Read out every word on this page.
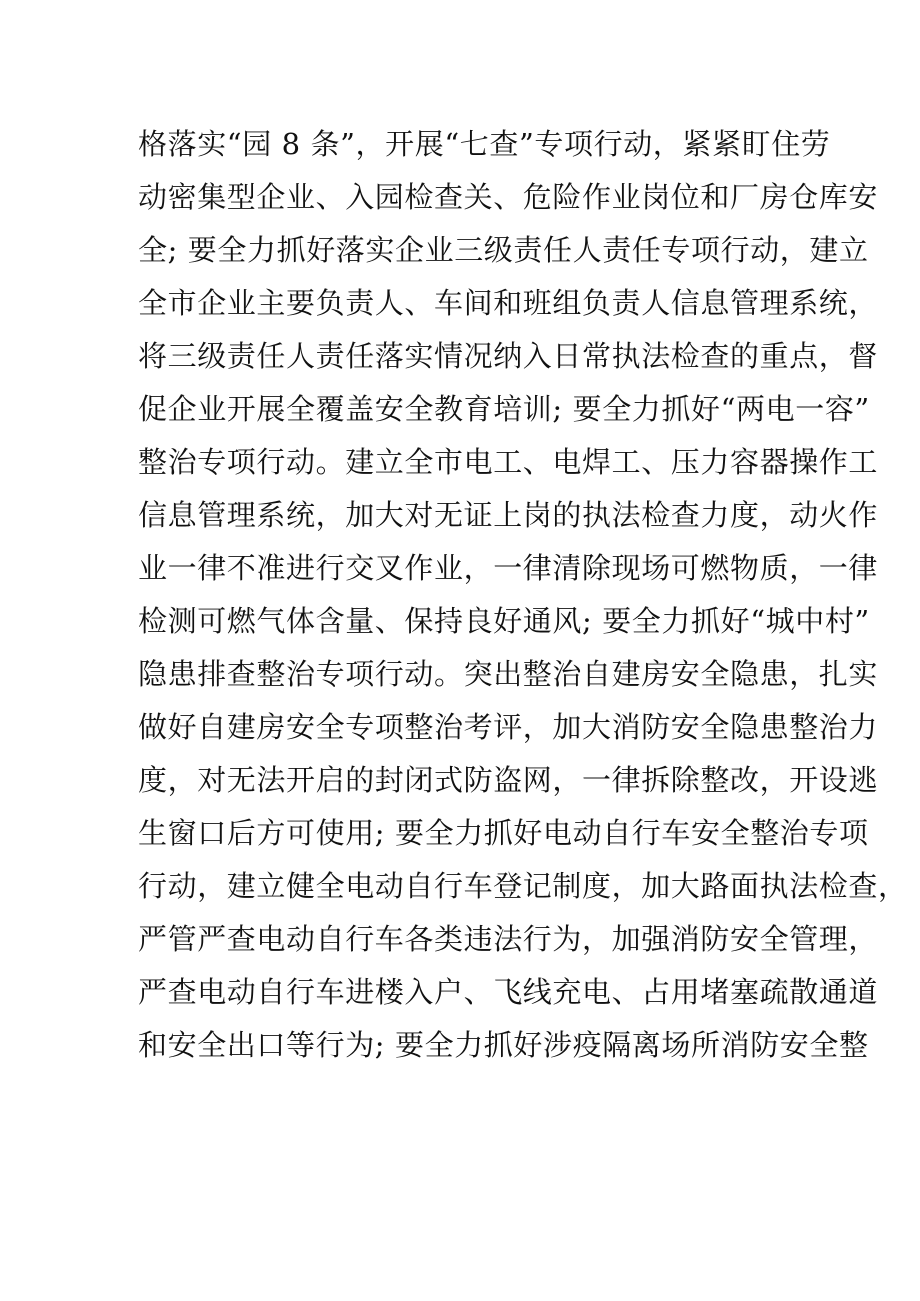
格落实“园 8 条”，开展“七查”专项行动，紧紧盯住劳
动密集型企业、入园检查关、危险作业岗位和厂房仓库安
全; 要全力抓好落实企业三级责任人责任专项行动，建立
全市企业主要负责人、车间和班组负责人信息管理系统，
将三级责任人责任落实情况纳入日常执法检查的重点，督
促企业开展全覆盖安全教育培训; 要全力抓好“两电一容”
整治专项行动。建立全市电工、电焊工、压力容器操作工
信息管理系统，加大对无证上岗的执法检查力度，动火作
业一律不准进行交叉作业，一律清除现场可燃物质，一律
检测可燃气体含量、保持良好通风; 要全力抓好“城中村”
隐患排查整治专项行动。突出整治自建房安全隐患，扎实
做好自建房安全专项整治考评，加大消防安全隐患整治力
度，对无法开启的封闭式防盗网，一律拆除整改，开设逃
生窗口后方可使用; 要全力抓好电动自行车安全整治专项
行动，建立健全电动自行车登记制度，加大路面执法检查，
严管严查电动自行车各类违法行为，加强消防安全管理，
严查电动自行车进楼入户、飞线充电、占用堵塞疏散通道
和安全出口等行为; 要全力抓好涉疫隔离场所消防安全整
